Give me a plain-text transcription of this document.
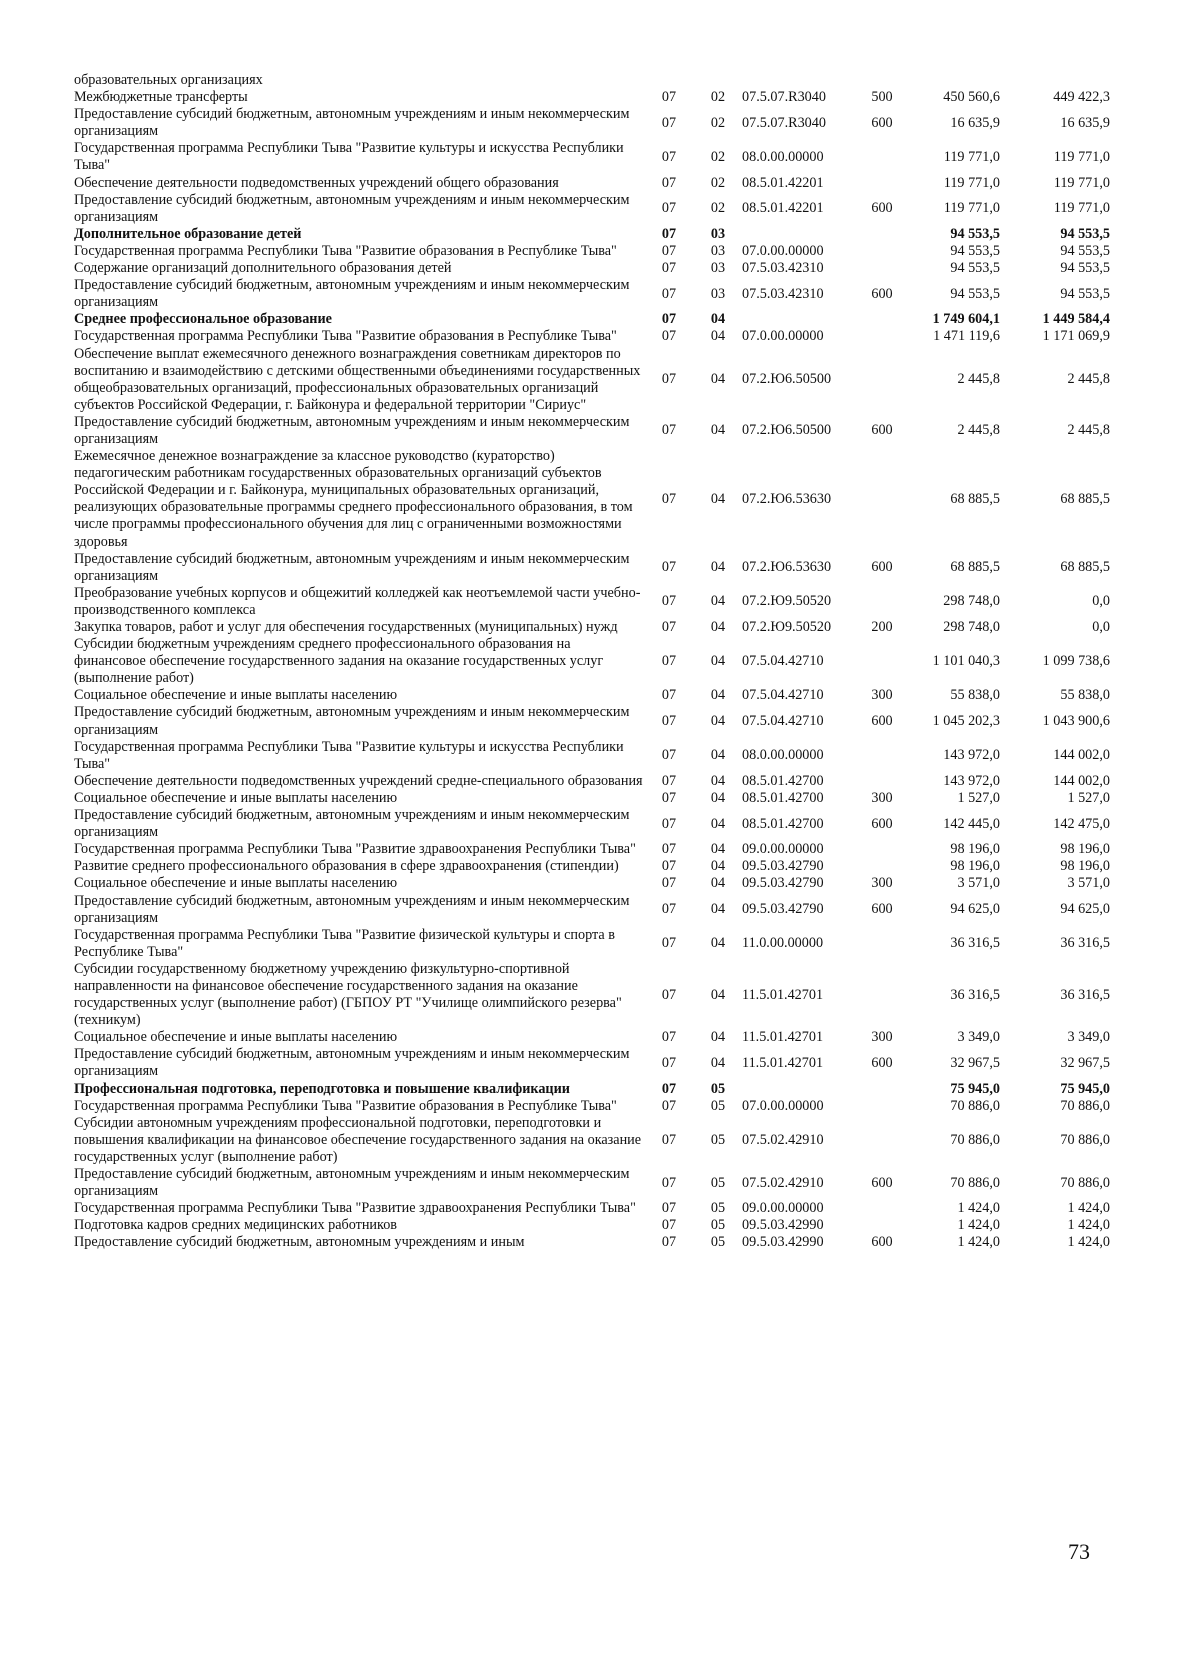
образовательных организациях						
Межбюджетные трансферты	07	02	07.5.07.R3040	500	450 560,6	449 422,3
Предоставление субсидий бюджетным, автономным учреждениям и иным некоммерческим организациям	07	02	07.5.07.R3040	600	16 635,9	16 635,9
Государственная программа Республики Тыва "Развитие культуры и искусства Республики Тыва"	07	02	08.0.00.00000		119 771,0	119 771,0
Обеспечение деятельности подведомственных учреждений общего образования	07	02	08.5.01.42201		119 771,0	119 771,0
Предоставление субсидий бюджетным, автономным учреждениям и иным некоммерческим организациям	07	02	08.5.01.42201	600	119 771,0	119 771,0
Дополнительное образование детей	07	03			94 553,5	94 553,5
Государственная программа Республики Тыва "Развитие образования в Республике Тыва"	07	03	07.0.00.00000		94 553,5	94 553,5
Содержание организаций дополнительного образования детей	07	03	07.5.03.42310		94 553,5	94 553,5
Предоставление субсидий бюджетным, автономным учреждениям и иным некоммерческим организациям	07	03	07.5.03.42310	600	94 553,5	94 553,5
Среднее профессиональное образование	07	04			1 749 604,1	1 449 584,4
Государственная программа Республики Тыва "Развитие образования в Республике Тыва"	07	04	07.0.00.00000		1 471 119,6	1 171 069,9
Обеспечение выплат ежемесячного денежного вознаграждения советникам директоров по воспитанию и взаимодействию с детскими общественными объединениями государственных общеобразовательных организаций, профессиональных образовательных организаций субъектов Российской Федерации, г. Байконура и федеральной территории "Сириус"	07	04	07.2.Ю6.50500		2 445,8	2 445,8
Предоставление субсидий бюджетным, автономным учреждениям и иным некоммерческим организациям	07	04	07.2.Ю6.50500	600	2 445,8	2 445,8
Ежемесячное денежное вознаграждение за классное руководство (кураторство) педагогическим работникам государственных образовательных организаций субъектов Российской Федерации и г. Байконура, муниципальных образовательных организаций, реализующих образовательные программы среднего профессионального образования, в том числе программы профессионального обучения для лиц с ограниченными возможностями здоровья	07	04	07.2.Ю6.53630		68 885,5	68 885,5
Предоставление субсидий бюджетным, автономным учреждениям и иным некоммерческим организациям	07	04	07.2.Ю6.53630	600	68 885,5	68 885,5
Преобразование учебных корпусов и общежитий колледжей как неотъемлемой части учебно-производственного комплекса	07	04	07.2.Ю9.50520		298 748,0	0,0
Закупка товаров, работ и услуг для обеспечения государственных (муниципальных) нужд	07	04	07.2.Ю9.50520	200	298 748,0	0,0
Субсидии бюджетным учреждениям среднего профессионального образования на финансовое обеспечение государственного задания на оказание государственных услуг (выполнение работ)	07	04	07.5.04.42710		1 101 040,3	1 099 738,6
Социальное обеспечение и иные выплаты населению	07	04	07.5.04.42710	300	55 838,0	55 838,0
Предоставление субсидий бюджетным, автономным учреждениям и иным некоммерческим организациям	07	04	07.5.04.42710	600	1 045 202,3	1 043 900,6
Государственная программа Республики Тыва "Развитие культуры и искусства Республики Тыва"	07	04	08.0.00.00000		143 972,0	144 002,0
Обеспечение деятельности подведомственных учреждений средне-специального образования	07	04	08.5.01.42700		143 972,0	144 002,0
Социальное обеспечение и иные выплаты населению	07	04	08.5.01.42700	300	1 527,0	1 527,0
Предоставление субсидий бюджетным, автономным учреждениям и иным некоммерческим организациям	07	04	08.5.01.42700	600	142 445,0	142 475,0
Государственная программа Республики Тыва "Развитие здравоохранения Республики Тыва"	07	04	09.0.00.00000		98 196,0	98 196,0
Развитие среднего профессионального образования в сфере здравоохранения (стипендии)	07	04	09.5.03.42790		98 196,0	98 196,0
Социальное обеспечение и иные выплаты населению	07	04	09.5.03.42790	300	3 571,0	3 571,0
Предоставление субсидий бюджетным, автономным учреждениям и иным некоммерческим организациям	07	04	09.5.03.42790	600	94 625,0	94 625,0
Государственная программа Республики Тыва "Развитие физической культуры и спорта в Республике Тыва"	07	04	11.0.00.00000		36 316,5	36 316,5
Субсидии государственному бюджетному учреждению физкультурно-спортивной направленности на финансовое обеспечение государственного задания на оказание государственных услуг (выполнение работ) (ГБПОУ РТ "Училище олимпийского резерва" (техникум)	07	04	11.5.01.42701		36 316,5	36 316,5
Социальное обеспечение и иные выплаты населению	07	04	11.5.01.42701	300	3 349,0	3 349,0
Предоставление субсидий бюджетным, автономным учреждениям и иным некоммерческим организациям	07	04	11.5.01.42701	600	32 967,5	32 967,5
Профессиональная подготовка, переподготовка и повышение квалификации	07	05			75 945,0	75 945,0
Государственная программа Республики Тыва "Развитие образования в Республике Тыва"	07	05	07.0.00.00000		70 886,0	70 886,0
Субсидии автономным учреждениям профессиональной подготовки, переподготовки и повышения квалификации на финансовое обеспечение государственного задания на оказание государственных услуг (выполнение работ)	07	05	07.5.02.42910		70 886,0	70 886,0
Предоставление субсидий бюджетным, автономным учреждениям и иным некоммерческим организациям	07	05	07.5.02.42910	600	70 886,0	70 886,0
Государственная программа Республики Тыва "Развитие здравоохранения Республики Тыва"	07	05	09.0.00.00000		1 424,0	1 424,0
Подготовка кадров средних медицинских работников	07	05	09.5.03.42990		1 424,0	1 424,0
Предоставление субсидий бюджетным, автономным учреждениям и иным	07	05	09.5.03.42990	600	1 424,0	1 424,0
73
